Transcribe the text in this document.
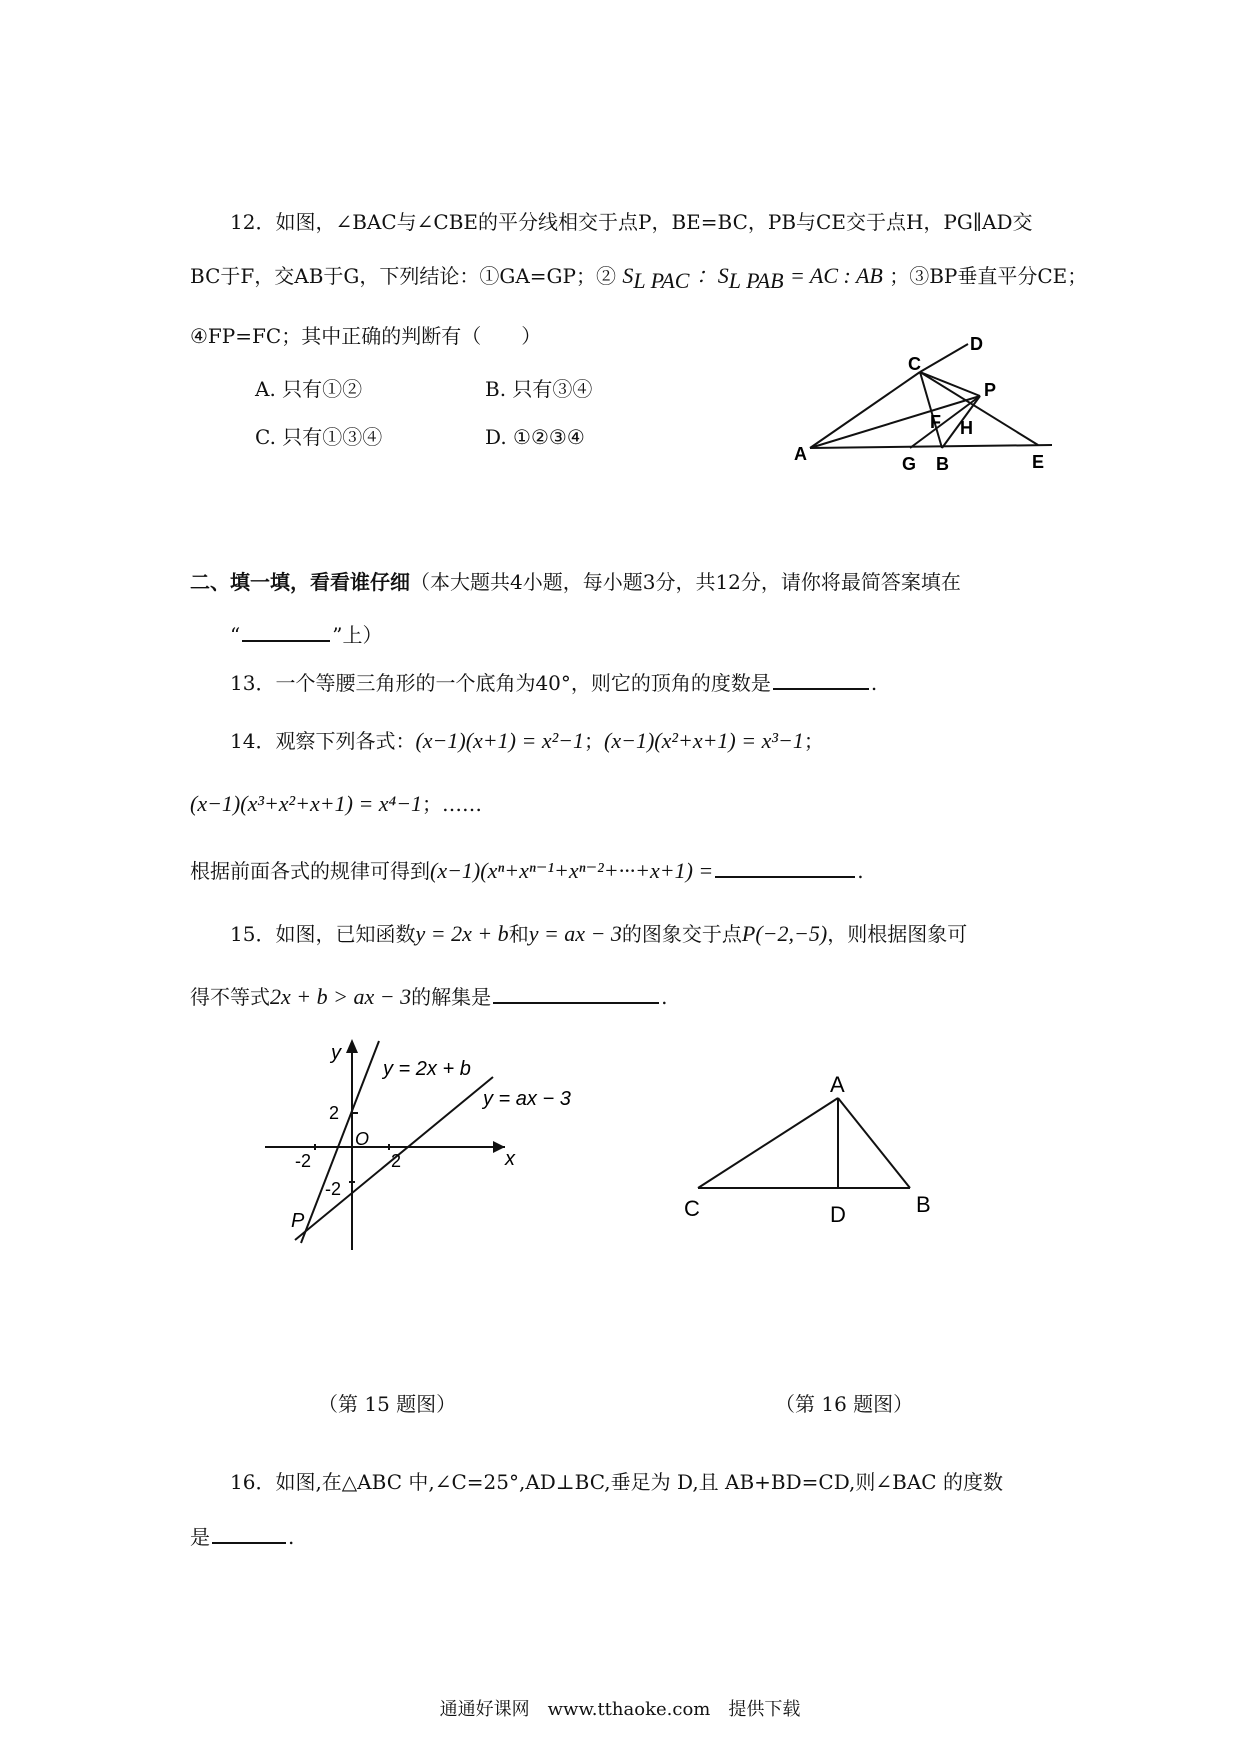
12．如图，∠BAC与∠CBE的平分线相交于点P，BE=BC，PB与CE交于点H，PG∥AD交
BC于F，交AB于G，下列结论：①GA=GP；② $S_{L PAC}$ ：$S_{L PAB}$ = AC : AB ；③BP垂直平分CE；
④FP=FC；其中正确的判断有（　　）
A. 只有①②	B. 只有③④
C. 只有①③④	D. ①②③④
C
D
P
F H
A	G B	E
二、填一填，看看谁仔细（本大题共4小题，每小题3分，共12分，请你将最简答案填在
“	”上）
13．一个等腰三角形的一个底角为40°，则它的顶角的度数是	.
14．观察下列各式：(x−1)(x+1) = x²−1；(x−1)(x²+x+1) = x³−1；
(x−1)(x³+x²+x+1) = x⁴−1；……
根据前面各式的规律可得到(x−1)(xⁿ+xⁿ⁻¹+xⁿ⁻²+···+x+1) =	.
15．如图，已知函数y = 2x + b和y = ax − 3的图象交于点P(−2,−5)，则根据图象可
得不等式2x + b > ax − 3的解集是	.
y
x
O
P
y = 2x + b
y = ax − 3
2
-2
-2	2
A
C	D	B
（第 15 题图）	（第 16 题图）
16．如图,在△ABC 中,∠C=25°,AD⊥BC,垂足为 D,且 AB+BD=CD,则∠BAC 的度数
是	.
通通好课网　www.tthaoke.com　提供下载
